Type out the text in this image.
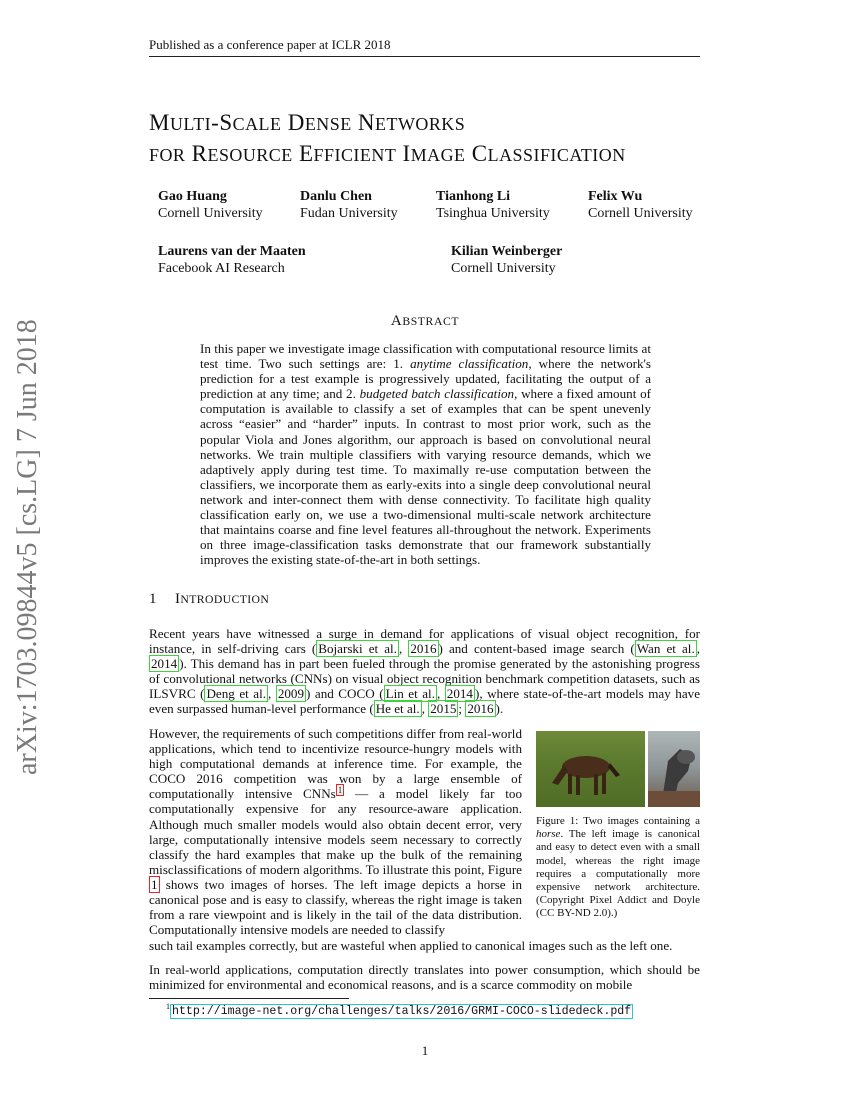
Published as a conference paper at ICLR 2018
MULTI-SCALE DENSE NETWORKS
FOR RESOURCE EFFICIENT IMAGE CLASSIFICATION
Gao Huang
Cornell University
Danlu Chen
Fudan University
Tianhong Li
Tsinghua University
Felix Wu
Cornell University
Laurens van der Maaten
Facebook AI Research
Kilian Weinberger
Cornell University
arXiv:1703.09844v5 [cs.LG] 7 Jun 2018	ABSTRACT
In this paper we investigate image classification with computational resource limits at test time. Two such settings are: 1. anytime classification, where the network's prediction for a test example is progressively updated, facilitating the output of a prediction at any time; and 2. budgeted batch classification, where a fixed amount of computation is available to classify a set of examples that can be spent unevenly across “easier” and “harder” inputs. In contrast to most prior work, such as the popular Viola and Jones algorithm, our approach is based on convolutional neural networks. We train multiple classifiers with varying resource demands, which we adaptively apply during test time. To maximally re-use computation between the classifiers, we incorporate them as early-exits into a single deep convolutional neural network and inter-connect them with dense connectivity. To facilitate high quality classification early on, we use a two-dimensional multi-scale network architecture that maintains coarse and fine level features all-throughout the network. Experiments on three image-classification tasks demonstrate that our framework substantially improves the existing state-of-the-art in both settings.
1 INTRODUCTION
Recent years have witnessed a surge in demand for applications of visual object recognition, for instance, in self-driving cars ( Bojarski et al. , 2016 ) and content-based image search ( Wan et al. , 2014 ). This demand has in part been fueled through the promise generated by the astonishing progress of convolutional networks (CNNs) on visual object recognition benchmark competition datasets, such as ILSVRC ( Deng et al. , 2009 ) and COCO ( Lin et al. , 2014 ), where state-of-the-art models may have even surpassed human-level performance ( He et al. , 2015 ; 2016 ).
However, the requirements of such competitions differ from real-world applications, which tend to incentivize resource-hungry models with high computational demands at inference time. For example, the COCO 2016 competition was won by a large ensemble of computationally intensive CNNs $^1$ — a model likely far too computationally expensive for any resource-aware application. Although much smaller models would also obtain decent error, very large, computationally intensive models seem necessary to correctly classify the hard examples that make up the bulk of the remaining misclassifications of modern algorithms. To illustrate this point, Figure 1 shows two images of horses. The left image depicts a horse in canonical pose and is easy to classify, whereas the right image is taken from a rare viewpoint and is likely in the tail of the data distribution. Computationally intensive models are needed to classify
such tail examples correctly, but are wasteful when applied to canonical images such as the left one.
Figure 1: Two images containing a horse. The left image is canonical and easy to detect even with a small model, whereas the right image requires a computationally more expensive network architecture. (Copyright Pixel Addict and Doyle (CC BY-ND 2.0).)
In real-world applications, computation directly translates into power consumption, which should be minimized for environmental and economical reasons, and is a scarce commodity on mobile
$^1$ http://image-net.org/challenges/talks/2016/GRMI-COCO-slidedeck.pdf
1
